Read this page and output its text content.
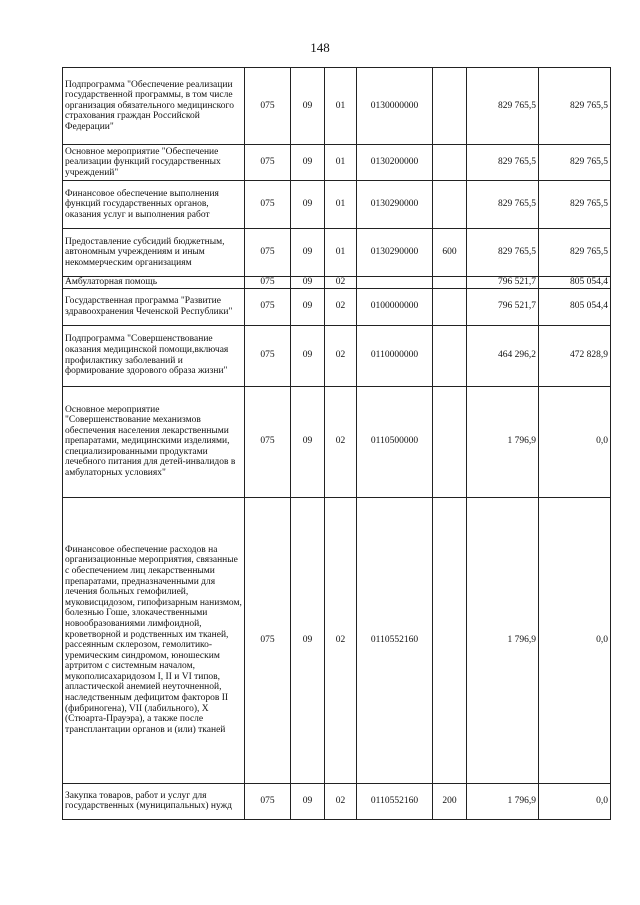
148
Подпрограмма "Обеспечение реализации государственной программы, в том числе организация обязательного медицинского страхования граждан Российской Федерации"	075	09	01	0130000000		829 765,5	829 765,5
Основное мероприятие "Обеспечение реализации функций государственных учреждений"	075	09	01	0130200000		829 765,5	829 765,5
Финансовое обеспечение выполнения функций государственных органов, оказания услуг и выполнения работ	075	09	01	0130290000		829 765,5	829 765,5
Предоставление субсидий бюджетным, автономным учреждениям и иным некоммерческим организациям	075	09	01	0130290000	600	829 765,5	829 765,5
Амбулаторная помощь	075	09	02			796 521,7	805 054,4
Государственная программа "Развитие здравоохранения Чеченской Республики"	075	09	02	0100000000		796 521,7	805 054,4
Подпрограмма "Совершенствование оказания медицинской помощи,включая профилактику заболеваний и формирование здорового образа жизни"	075	09	02	0110000000		464 296,2	472 828,9
Основное мероприятие "Совершенствование механизмов обеспечения населения лекарственными препаратами, медицинскими изделиями, специализированными продуктами лечебного питания для детей-инвалидов в амбулаторных условиях"	075	09	02	0110500000		1 796,9	0,0
Финансовое обеспечение расходов на организационные мероприятия, связанные с обеспечением лиц лекарственными препаратами, предназначенными для лечения больных гемофилией, муковисцидозом, гипофизарным нанизмом, болезнью Гоше, злокачественными новообразованиями лимфоидной, кроветворной и родственных им тканей, рассеянным склерозом, гемолитико-уремическим синдромом, юношеским артритом с системным началом, мукополисахаридозом I, II и VI типов, апластической анемией неуточненной, наследственным дефицитом факторов II (фибриногена), VII (лабильного), X (Стюарта-Прауэра), а также после трансплантации органов и (или) тканей	075	09	02	0110552160		1 796,9	0,0
Закупка товаров, работ и услуг для государственных (муниципальных) нужд	075	09	02	0110552160	200	1 796,9	0,0
